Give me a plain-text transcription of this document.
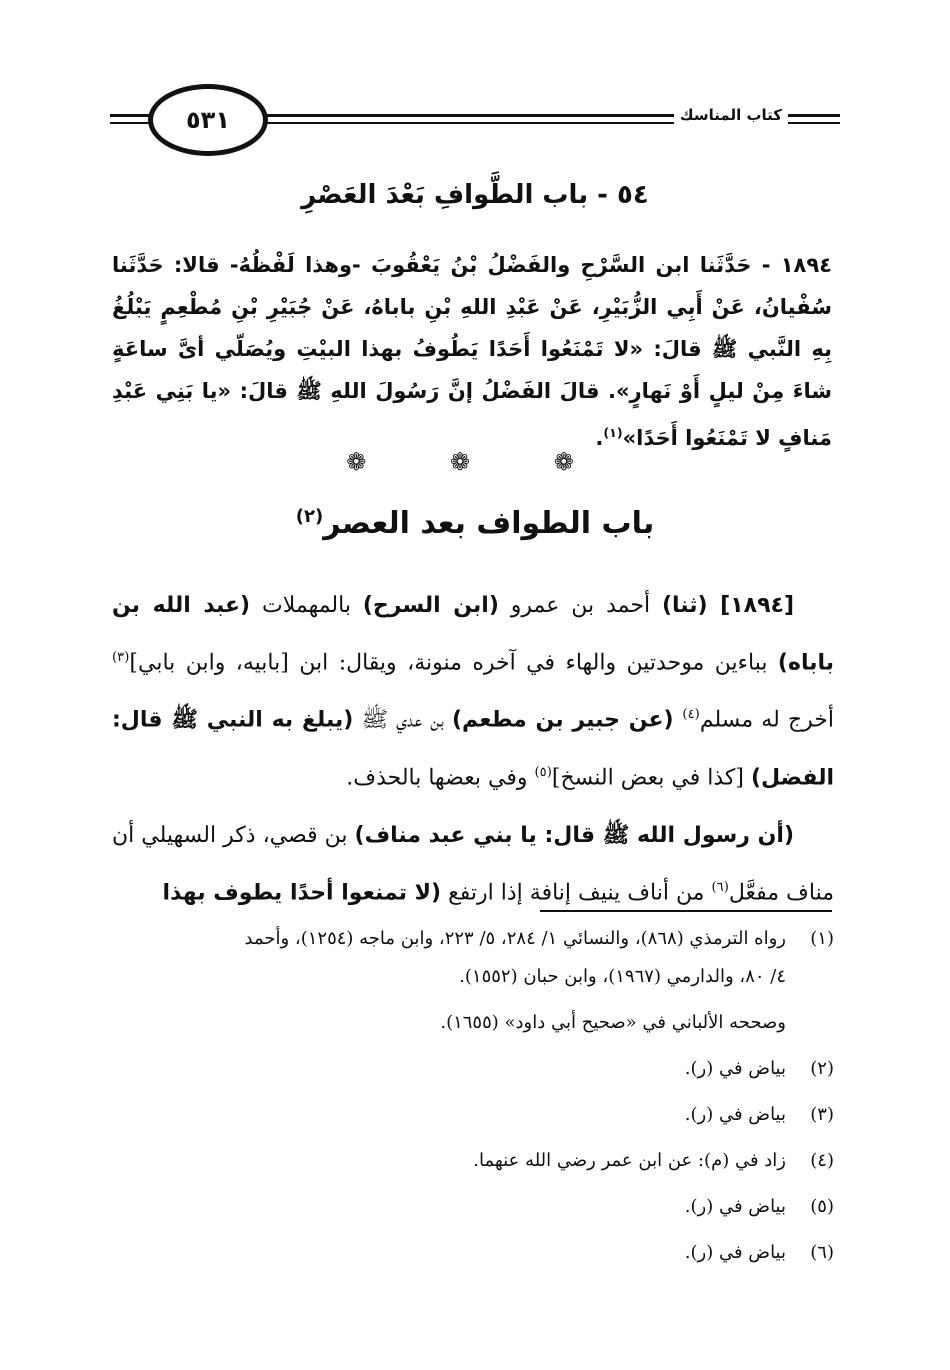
٥٣١	كتاب المناسك
٥٤ - باب الطَّوافِ بَعْدَ العَصْرِ
١٨٩٤ - حَدَّثَنا ابن السَّرْحِ والفَضْلُ بْنُ يَعْقُوبَ -وهذا لَفْظُهُ- قالا: حَدَّثَنا سُفْيانُ، عَنْ أَبِي الزُّبَيْرِ، عَنْ عَبْدِ اللهِ بْنِ باباهُ، عَنْ جُبَيْرِ بْنِ مُطْعِمٍ يَبْلُغُ بِهِ النَّبي ﷺ قالَ: «لا تَمْنَعُوا أَحَدًا يَطُوفُ بهذا البيْتِ ويُصَلّي أىَّ ساعَةٍ شاءَ مِنْ ليلٍ أَوْ نَهارٍ». قالَ الفَضْلُ إنَّ رَسُولَ اللهِ ﷺ قالَ: «يا بَنِي عَبْدِ مَنافٍ لا تَمْنَعُوا أَحَدًا»$^{(١)}$.
❁ ❁ ❁
باب الطواف بعد العصر$^{(٢)}$

[١٨٩٤] (ثنا) أحمد بن عمرو (ابن السرح) بالمهملات (عبد الله بن باباه) بباءين موحدتين والهاء في آخره منونة، ويقال: ابن [بابيه، وابن بابي]$^{(٣)}$ أخرج له مسلم$^{(٤)}$ (عن جبير بن مطعم) بن عدي ﷺ (يبلغ به النبي ﷺ قال: الفضل) [كذا في بعض النسخ]$^{(٥)}$ وفي بعضها بالحذف.

(أن رسول الله ﷺ قال: يا بني عبد مناف) بن قصي، ذكر السهيلي أن مناف مفعَّل$^{(٦)}$ من أناف ينيف إنافة إذا ارتفع (لا تمنعوا أحدًا يطوف بهذا

(١)
رواه الترمذي (٨٦٨)، والنسائي ١/ ٢٨٤، ٥/ ٢٢٣، وابن ماجه (١٢٥٤)، وأحمد
٤/ ٨٠، والدارمي (١٩٦٧)، وابن حبان (١٥٥٢).
وصححه الألباني في «صحيح أبي داود» (١٦٥٥).
(٢)
بياض في (ر).
(٣)
بياض في (ر).
(٤)
زاد في (م): عن ابن عمر رضي الله عنهما.
(٥)
بياض في (ر).
(٦)
بياض في (ر).
